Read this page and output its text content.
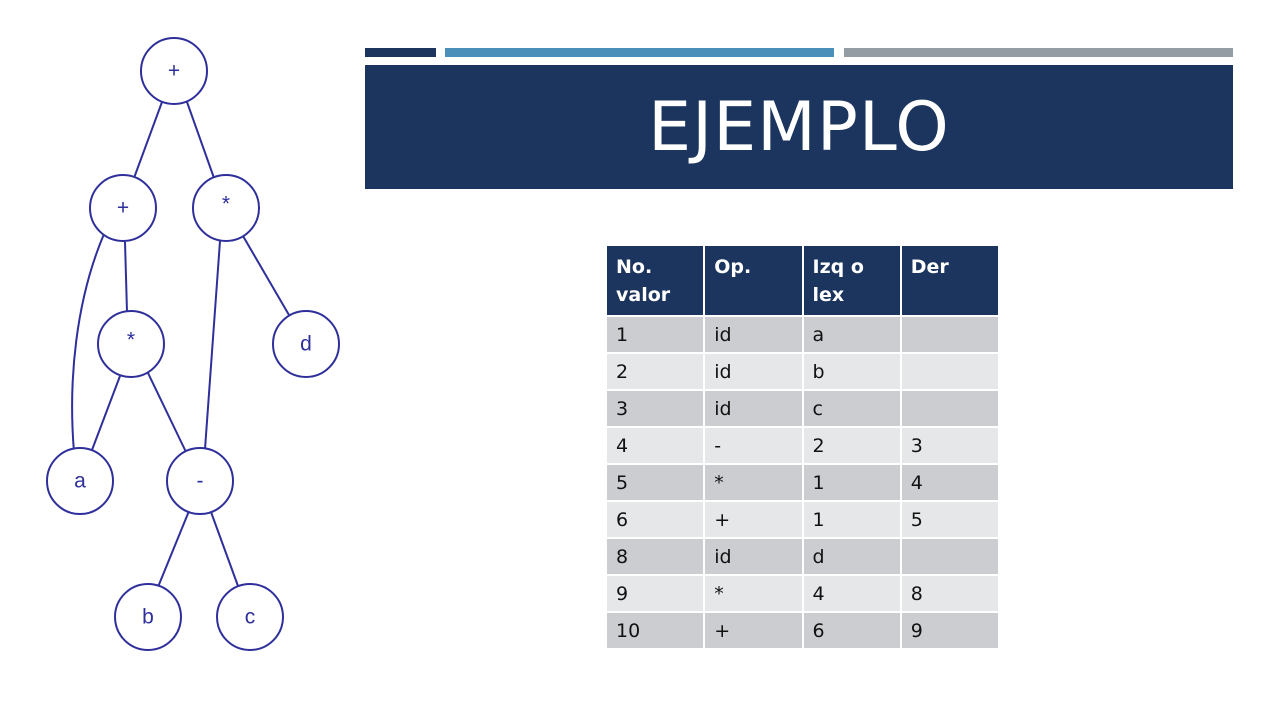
EJEMPLO
+
+	*
*	d
a	-
b	c
No. valor	Op.	Izq o lex	Der
1	id	a	
2	id	b	
3	id	c	
4	-	2	3
5	*	1	4
6	+	1	5
8	id	d	
9	*	4	8
10	+	6	9
